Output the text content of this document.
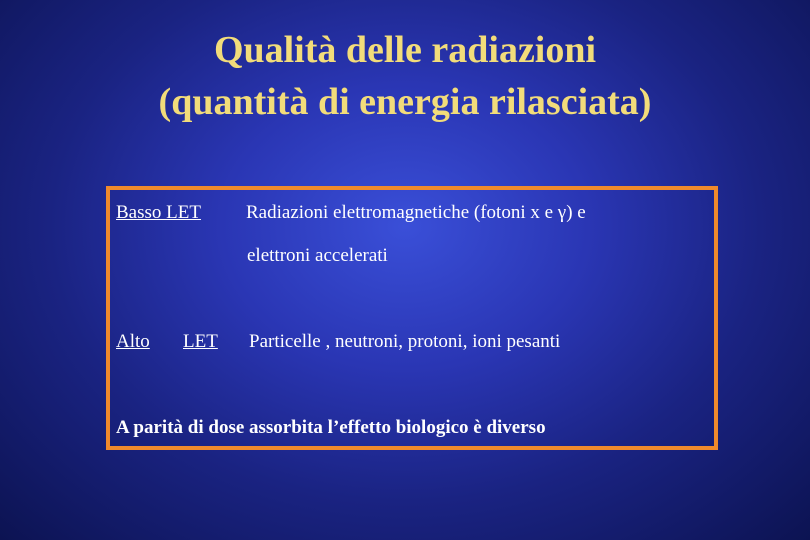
Qualità delle radiazioni
(quantità di energia rilasciata)
Basso LET Radiazioni elettromagnetiche (fotoni x e γ) e
elettroni accelerati
Alto LET Particelle , neutroni, protoni, ioni pesanti
A parità di dose assorbita l’effetto biologico è diverso
